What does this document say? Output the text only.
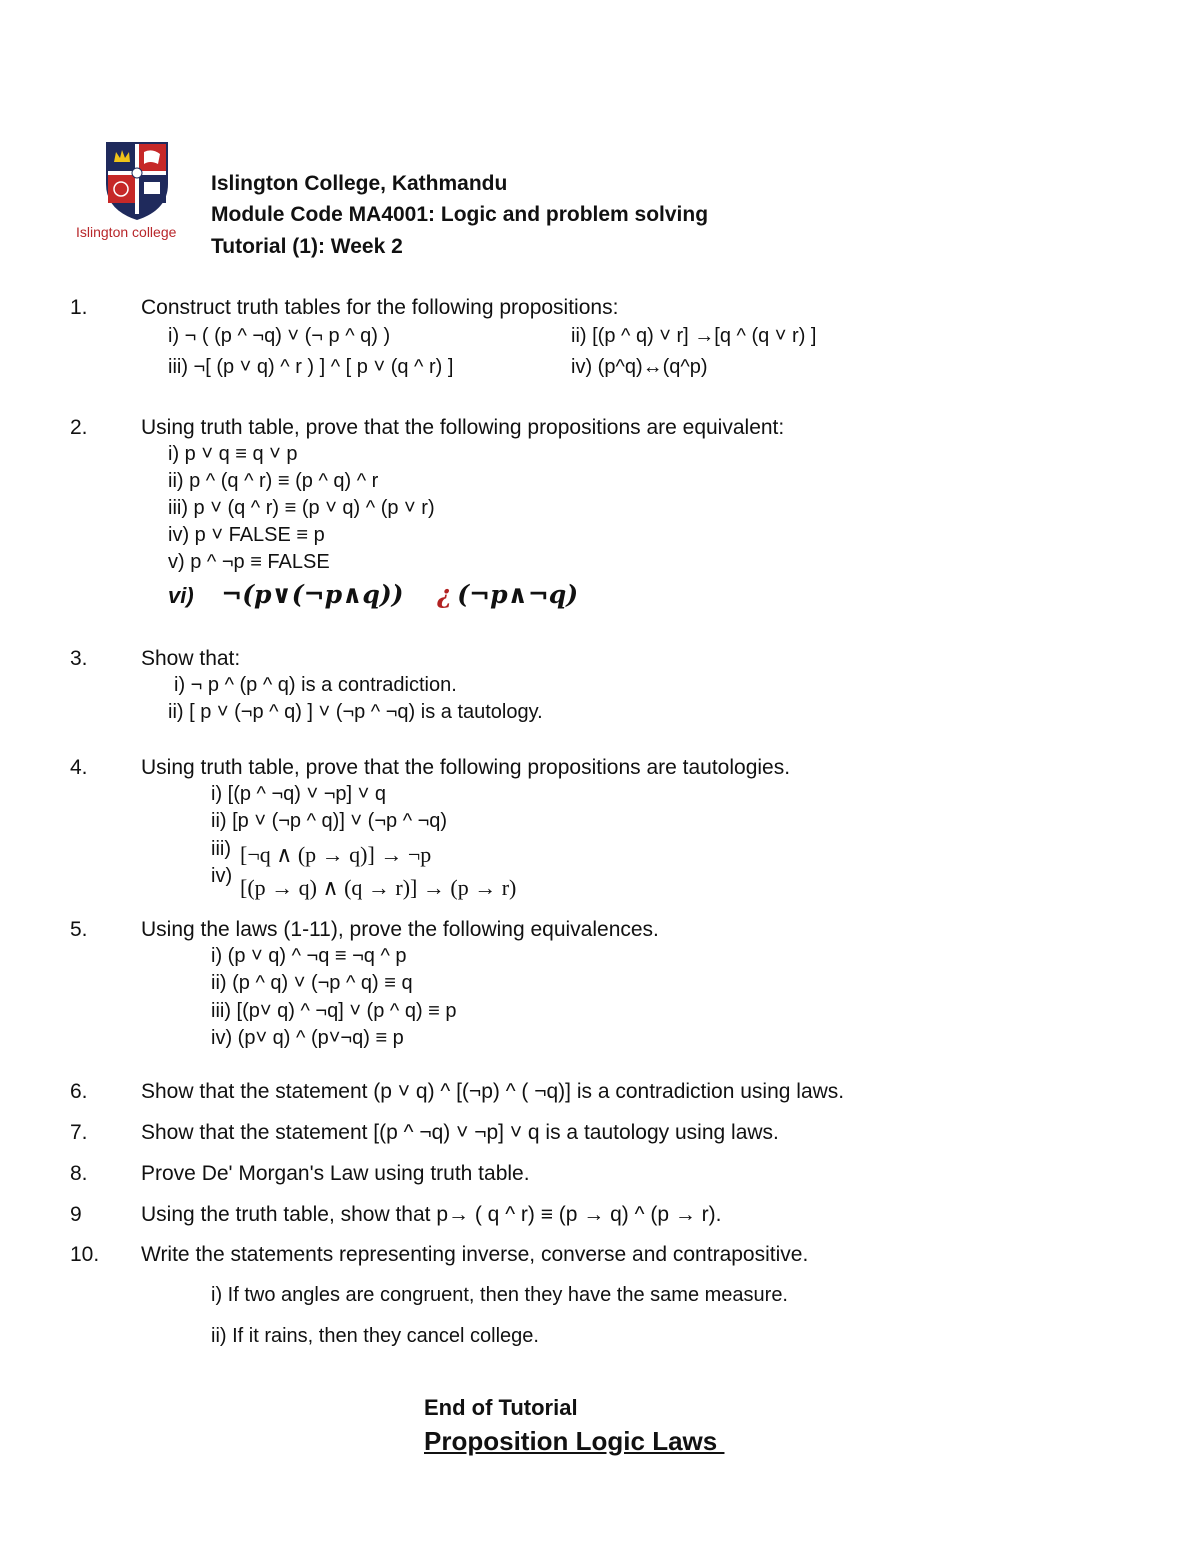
Islington college
Islington College, Kathmandu
Module Code MA4001: Logic and problem solving
Tutorial (1): Week 2
1.	Construct truth tables for the following propositions:
i) ¬ ( (p ^ ¬q) ˅ (¬ p ^ q) )	ii) [(p ^ q) ˅ r] →[q ^ (q ˅ r) ]
iii) ¬[ (p ˅ q) ^ r ) ] ^ [ p ˅ (q ^ r) ]	iv) (p^q)↔(q^p)
2.	Using truth table, prove that the following propositions are equivalent:
i) p ˅ q ≡ q ˅ p
ii) p ^ (q ^ r) ≡ (p ^ q) ^ r
iii) p ˅ (q ^ r) ≡ (p ˅ q) ^ (p ˅ r)
iv) p ˅ FALSE ≡ p
v) p ^ ¬p ≡ FALSE
vi) ¬(p∨(¬p∧q)) ¿ (¬p∧¬q)
3.	Show that:
i) ¬ p ^ (p ^ q) is a contradiction.
ii) [ p ˅ (¬p ^ q) ] ˅ (¬p ^ ¬q) is a tautology.
4.	Using truth table, prove that the following propositions are tautologies.
i) [(p ^ ¬q) ˅ ¬p] ˅ q
ii) [p ˅ (¬p ^ q)] ˅ (¬p ^ ¬q)
iii) [¬q ∧ (p → q)] → ¬p
iv) [(p → q) ∧ (q → r)] → (p → r)
5.	Using the laws (1-11), prove the following equivalences.
i) (p ˅ q) ^ ¬q ≡ ¬q ^ p
ii) (p ^ q) ˅ (¬p ^ q) ≡ q
iii) [(p˅ q) ^ ¬q] ˅ (p ^ q) ≡ p
iv) (p˅ q) ^ (p˅¬q) ≡ p
6.	Show that the statement (p ˅ q) ^ [(¬p) ^ ( ¬q)] is a contradiction using laws.
7.	Show that the statement [(p ^ ¬q) ˅ ¬p] ˅ q is a tautology using laws.
8.	Prove De' Morgan's Law using truth table.
9	Using the truth table, show that p→ ( q ^ r) ≡ (p → q) ^ (p → r).
10. Write the statements representing inverse, converse and contrapositive.
i) If two angles are congruent, then they have the same measure.
ii) If it rains, then they cancel college.
End of Tutorial
Proposition Logic Laws
